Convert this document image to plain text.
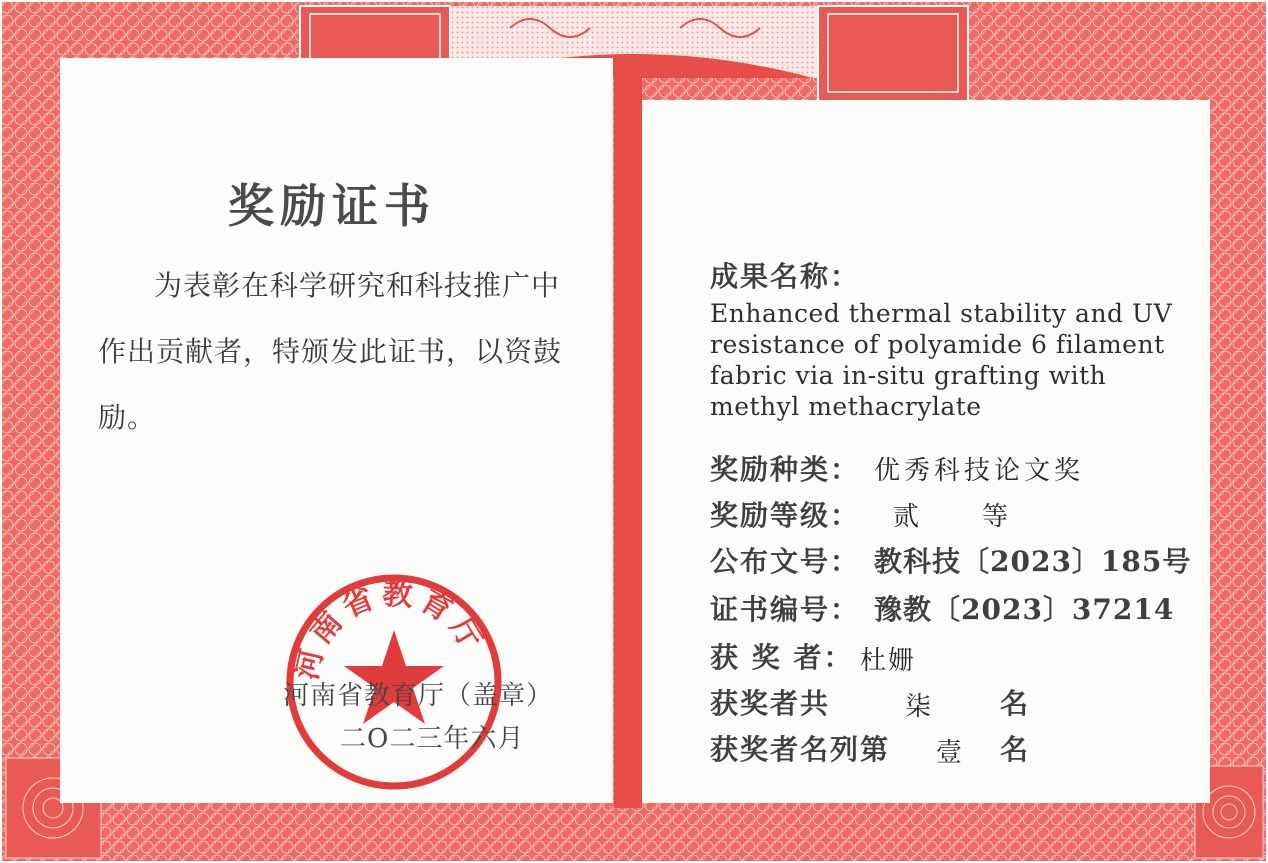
奖励证书
为表彰在科学研究和科技推广中作出贡献者，特颁发此证书，以资鼓励。
河南省教育厅
河南省教育厅（盖章）
二O二三年六月
成果名称：
Enhanced thermal stability and UV resistance of polyamide 6 filament fabric via in-situ grafting with methyl methacrylate
奖励种类： 优秀科技论文奖
奖励等级： 贰 等
公布文号： 教科技〔2023〕185号
证书编号： 豫教〔2023〕37214
获 奖 者： 杜姗
获奖者共	柒 名
获奖者名列第 壹 名
